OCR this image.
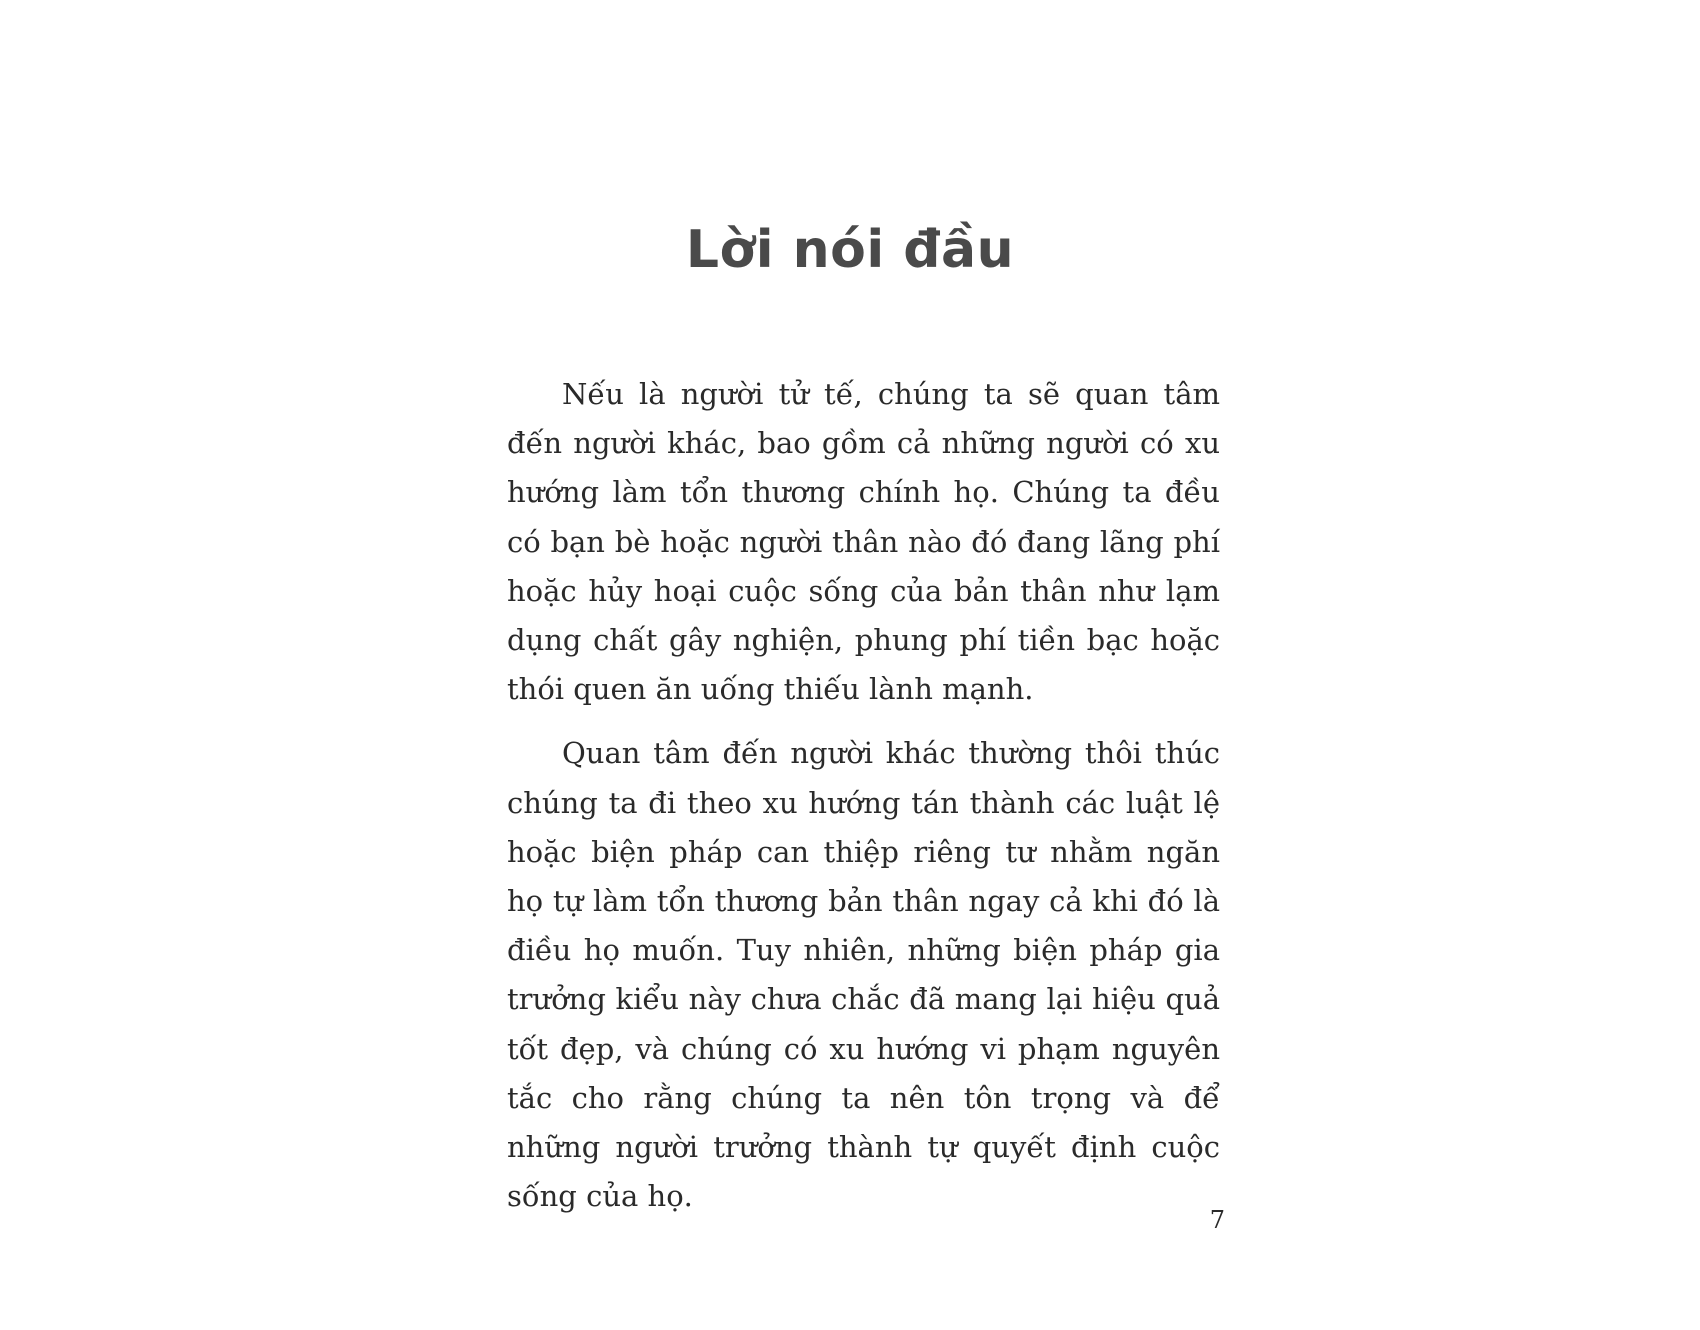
Lời nói đầu

Nếu là người tử tế, chúng ta sẽ quan tâm đến người khác, bao gồm cả những người có xu hướng làm tổn thương chính họ. Chúng ta đều có bạn bè hoặc người thân nào đó đang lãng phí hoặc hủy hoại cuộc sống của bản thân như lạm dụng chất gây nghiện, phung phí tiền bạc hoặc thói quen ăn uống thiếu lành mạnh.

Quan tâm đến người khác thường thôi thúc chúng ta đi theo xu hướng tán thành các luật lệ hoặc biện pháp can thiệp riêng tư nhằm ngăn họ tự làm tổn thương bản thân ngay cả khi đó là điều họ muốn. Tuy nhiên, những biện pháp gia trưởng kiểu này chưa chắc đã mang lại hiệu quả tốt đẹp, và chúng có xu hướng vi phạm nguyên tắc cho rằng chúng ta nên tôn trọng và để những người trưởng thành tự quyết định cuộc sống của họ.

7
